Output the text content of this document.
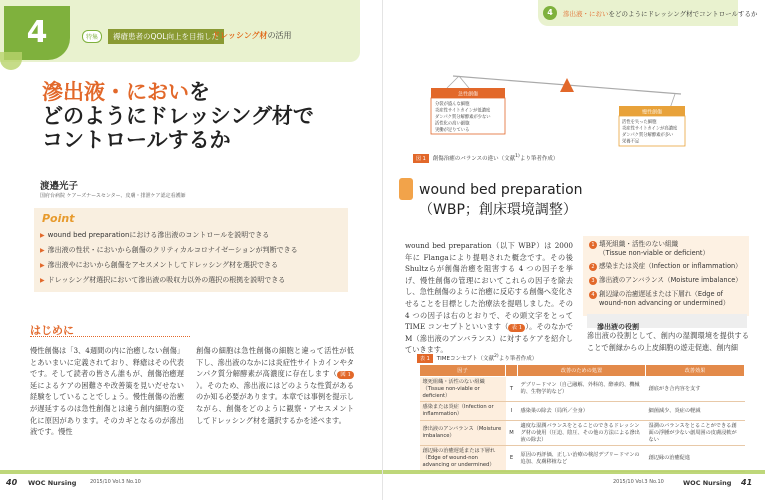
4	特集	褥瘡患者のQOL向上を目指した
ドレッシング材の活用
滲出液・においを
どのようにドレッシング材で
コントロールするか
渡邉光子
国府台病院 ケアーズナースセンター、皮膚・排泄ケア認定看護師
Point
▶ wound bed preparationにおける滲出液のコントロールを説明できる
▶ 滲出液の性状・においから創傷のクリティカルコロナイゼーションが判断できる
▶ 滲出液やにおいから創傷をアセスメントしてドレッシング材を選択できる
▶ ドレッシング材選択において滲出液の吸収力以外の選択の根拠を説明できる
はじめに
慢性創傷は「3、4週間の内に治癒しない創傷」とあいまいに定義されており、释瘡はその代表です。そして読者の皆さん誰もが、創傷治癒遅延によるケアの困難さや改善策を見いだせない経験をしていることでしょう。慢性創傷の治癒が遅延するのは急性創傷とは違う創内細胞の変化に原因があります。そのカギとなるのが滲出液です。慢性
創傷の細胞は急性創傷の細胞と違って活性が低下し、滲出液のなかには炎症性サイトカインやタンパク質分解酵素が高濃度に存在します（ 図 1）。そのため、滲出液にはどのような性質があるのか知る必要があります。本章では事例を提示しながら、創傷をどのように観察・アセスメントしてドレッシング材を選択するかを述べます。
40 WOC Nursing	2015/10 Vol.3 No.10
4	滲出液・においをどのようにドレッシング材でコントロールするか
急性創傷
分裂が盛んな細胞
炎症性サイトカインが低濃度
ダンパク質分解酵素が少ない
活性化の高い細胞
実働が足りている
慢性創傷
活性を失った細胞
炎症性サイトカインが高濃度
ダンパク質分解酵素が多い
栄養不足
図 1 創傷治癒のバランスの違い（文献$^{1)}$より筆者作成）
wound bed preparation
（WBP；創床環境調整）
wound bed preparation（以下 WBP）は 2000 年に Flangaにより提唱された概念です。その後Shultzらが創傷治癒を阻害する 4 つの因子を挙げ、慢性創傷の管理においてこれらの因子を除去し、急性創傷のように治癒に反応する創傷へ変化させることを目標とした治療法を提唱しました。その 4 つの因子は右のとおりで、その頭文字をとってTIME コンセプトといいます（ 表 1 ）。そのなかで M（滲出液のアンバランス）に対するケアを紹介していきます。
1 壊死組織・活性のない組織
（Tissue non-viable or deficient）
2 感染または炎症（Infection or inflammation）
3 滲出液のアンバランス（Moisture imbalance）
4 創辺縁の治癒遅延または下層れ（Edge of
wound-non advancing or undermined）
滲出液の役割
滲出液の役割として、創内の湿潤環境を提供することで創縁からの上皮細胞の遊走促進、創内細
表 1 TIMEコンセプト（文献$^{2)}$より筆者作成）
因子		改善のための処置	改善効果
壊死組織・活性のない組織（Tissue non-viable or deficient）	T	デブリードマン（自己融解、外科的、酵素的、機械的、生物学的など）	創底がき合内容を支す
感染または炎症（Infection or inflammation）	I	感染巣の除去（局所／全身）	細菌減少、炎症の軽減
滲出液のアンバランス（Moisture imbalance）	M	適度な湿潤バランスをとることのできるドレッシング材の使用（圧迫、陰圧、その他の方法による滲出液の除去）	湿潤のバランスをとることができる創面の浮腫が少ない創周囲の皮膚浸軟がない
創辺縁の治癒遅延または下層れ（Edge of wound-non advancing or undermined）	E	原因の再評価、正しい治療の検討デブリードマンの追加、皮膚移植など	創辺縁の治癒促進
2015/10 Vol.3 No.10	WOC Nursing 41
